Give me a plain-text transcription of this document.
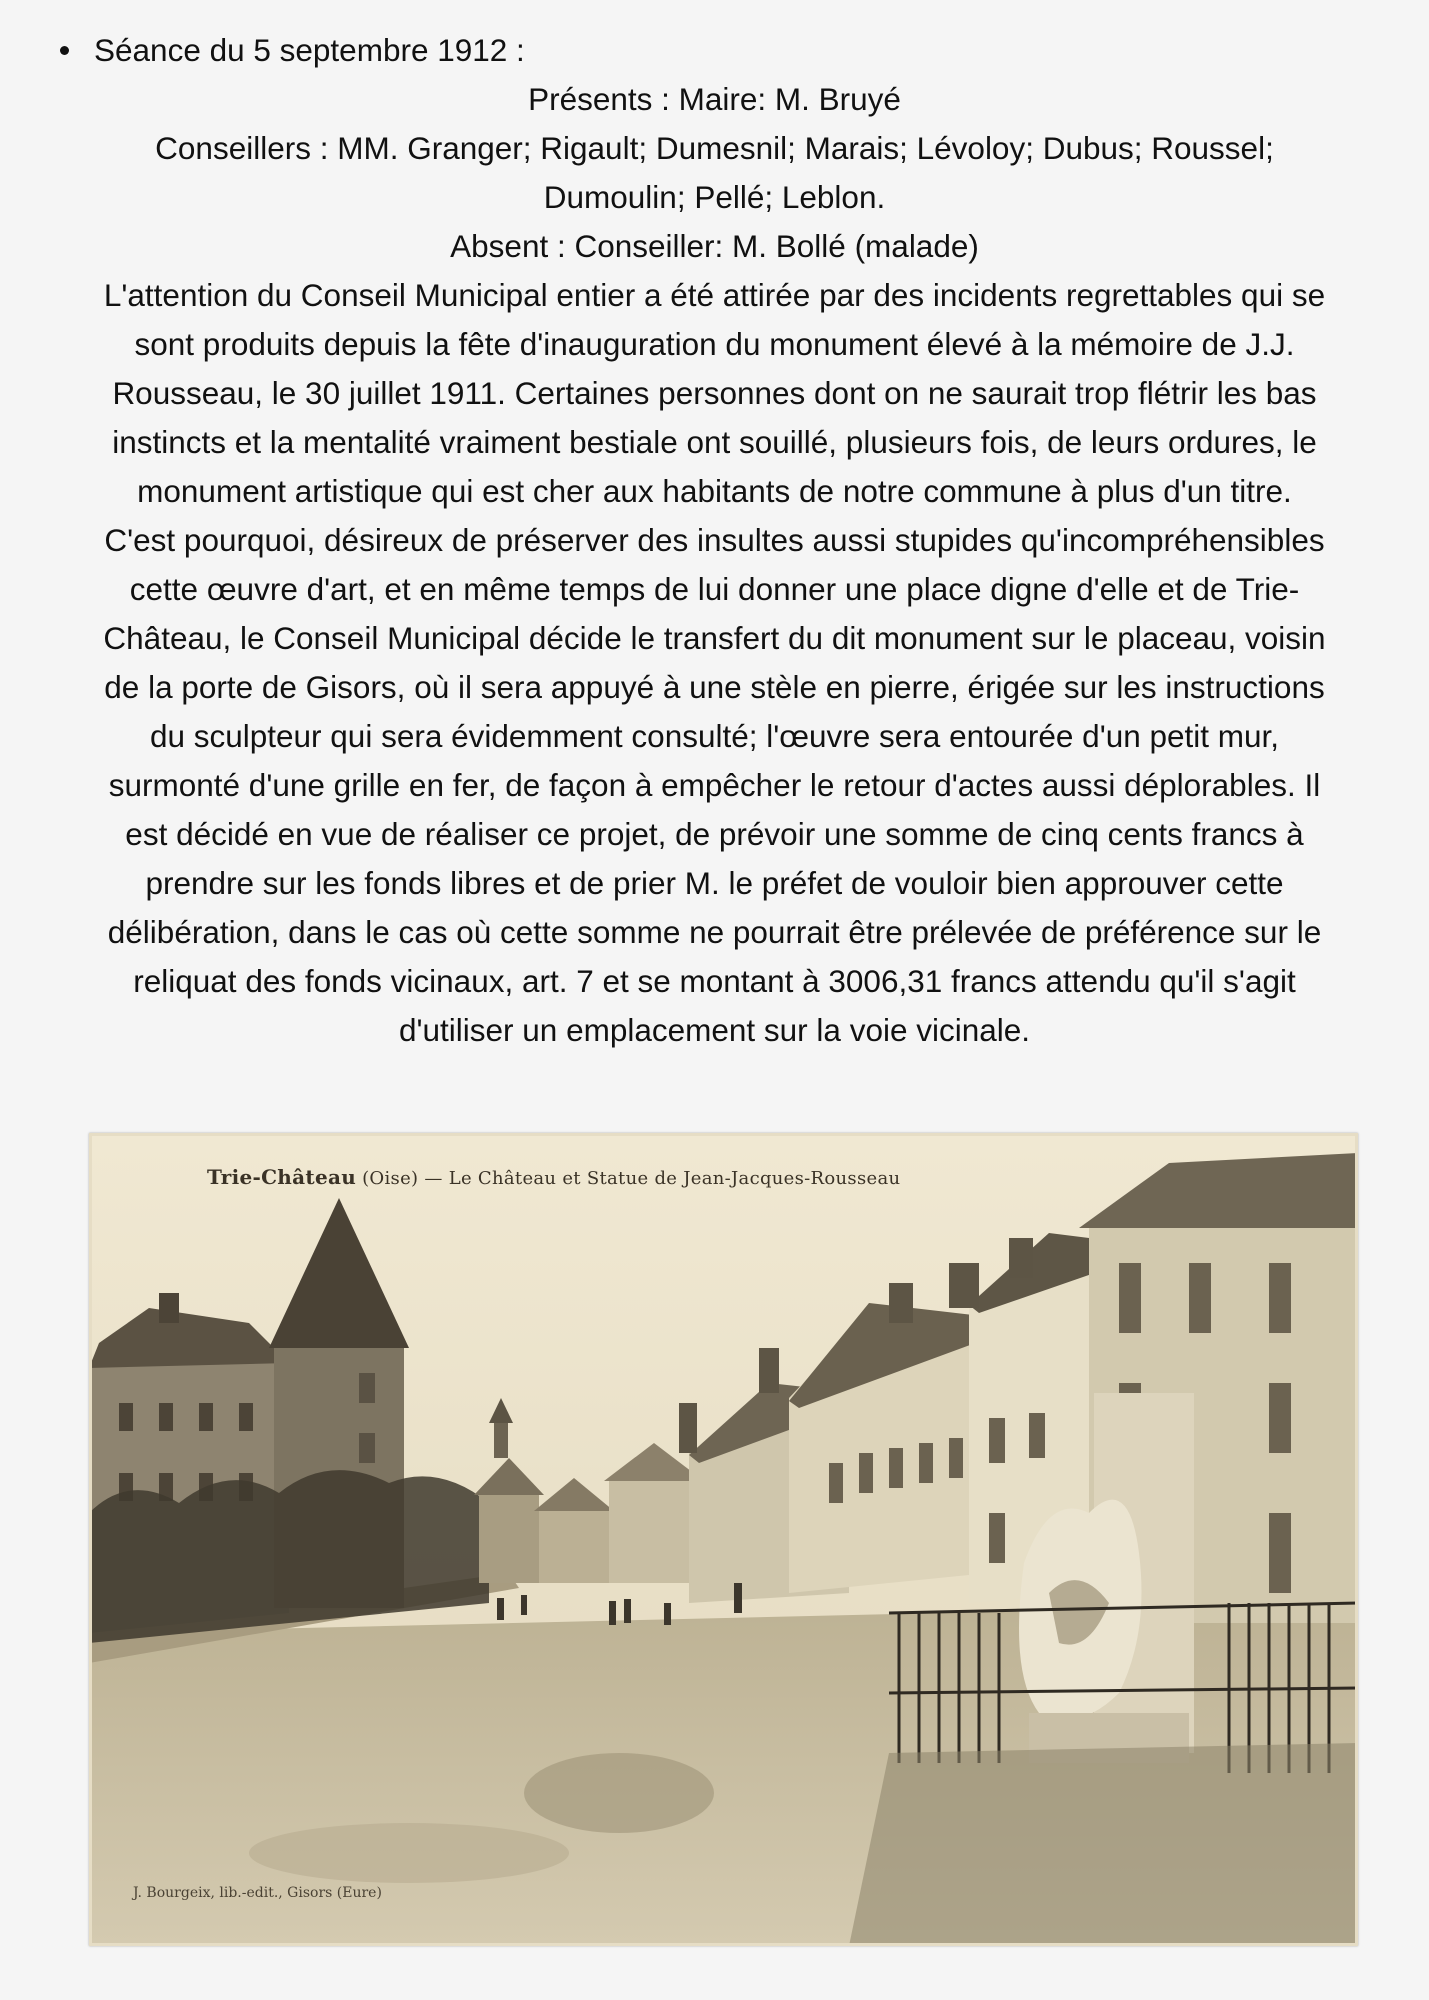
Séance du 5 septembre 1912 :
Présents : Maire: M. Bruyé
Conseillers : MM. Granger; Rigault; Dumesnil; Marais; Lévoloy; Dubus; Roussel;
Dumoulin; Pellé; Leblon.
Absent : Conseiller: M. Bollé (malade)
L'attention du Conseil Municipal entier a été attirée par des incidents regrettables qui se
sont produits depuis la fête d'inauguration du monument élevé à la mémoire de J.J.
Rousseau, le 30 juillet 1911. Certaines personnes dont on ne saurait trop flétrir les bas
instincts et la mentalité vraiment bestiale ont souillé, plusieurs fois, de leurs ordures, le
monument artistique qui est cher aux habitants de notre commune à plus d'un titre.
C'est pourquoi, désireux de préserver des insultes aussi stupides qu'incompréhensibles
cette œuvre d'art, et en même temps de lui donner une place digne d'elle et de Trie-
Château, le Conseil Municipal décide le transfert du dit monument sur le placeau, voisin
de la porte de Gisors, où il sera appuyé à une stèle en pierre, érigée sur les instructions
du sculpteur qui sera évidemment consulté; l'œuvre sera entourée d'un petit mur,
surmonté d'une grille en fer, de façon à empêcher le retour d'actes aussi déplorables. Il
est décidé en vue de réaliser ce projet, de prévoir une somme de cinq cents francs à
prendre sur les fonds libres et de prier M. le préfet de vouloir bien approuver cette
délibération, dans le cas où cette somme ne pourrait être prélevée de préférence sur le
reliquat des fonds vicinaux, art. 7 et se montant à 3006,31 francs attendu qu'il s'agit
d'utiliser un emplacement sur la voie vicinale.
Trie-Château (Oise) — Le Château et Statue de Jean-Jacques-Rousseau
J. Bourgeix, lib.-edit., Gisors (Eure)
